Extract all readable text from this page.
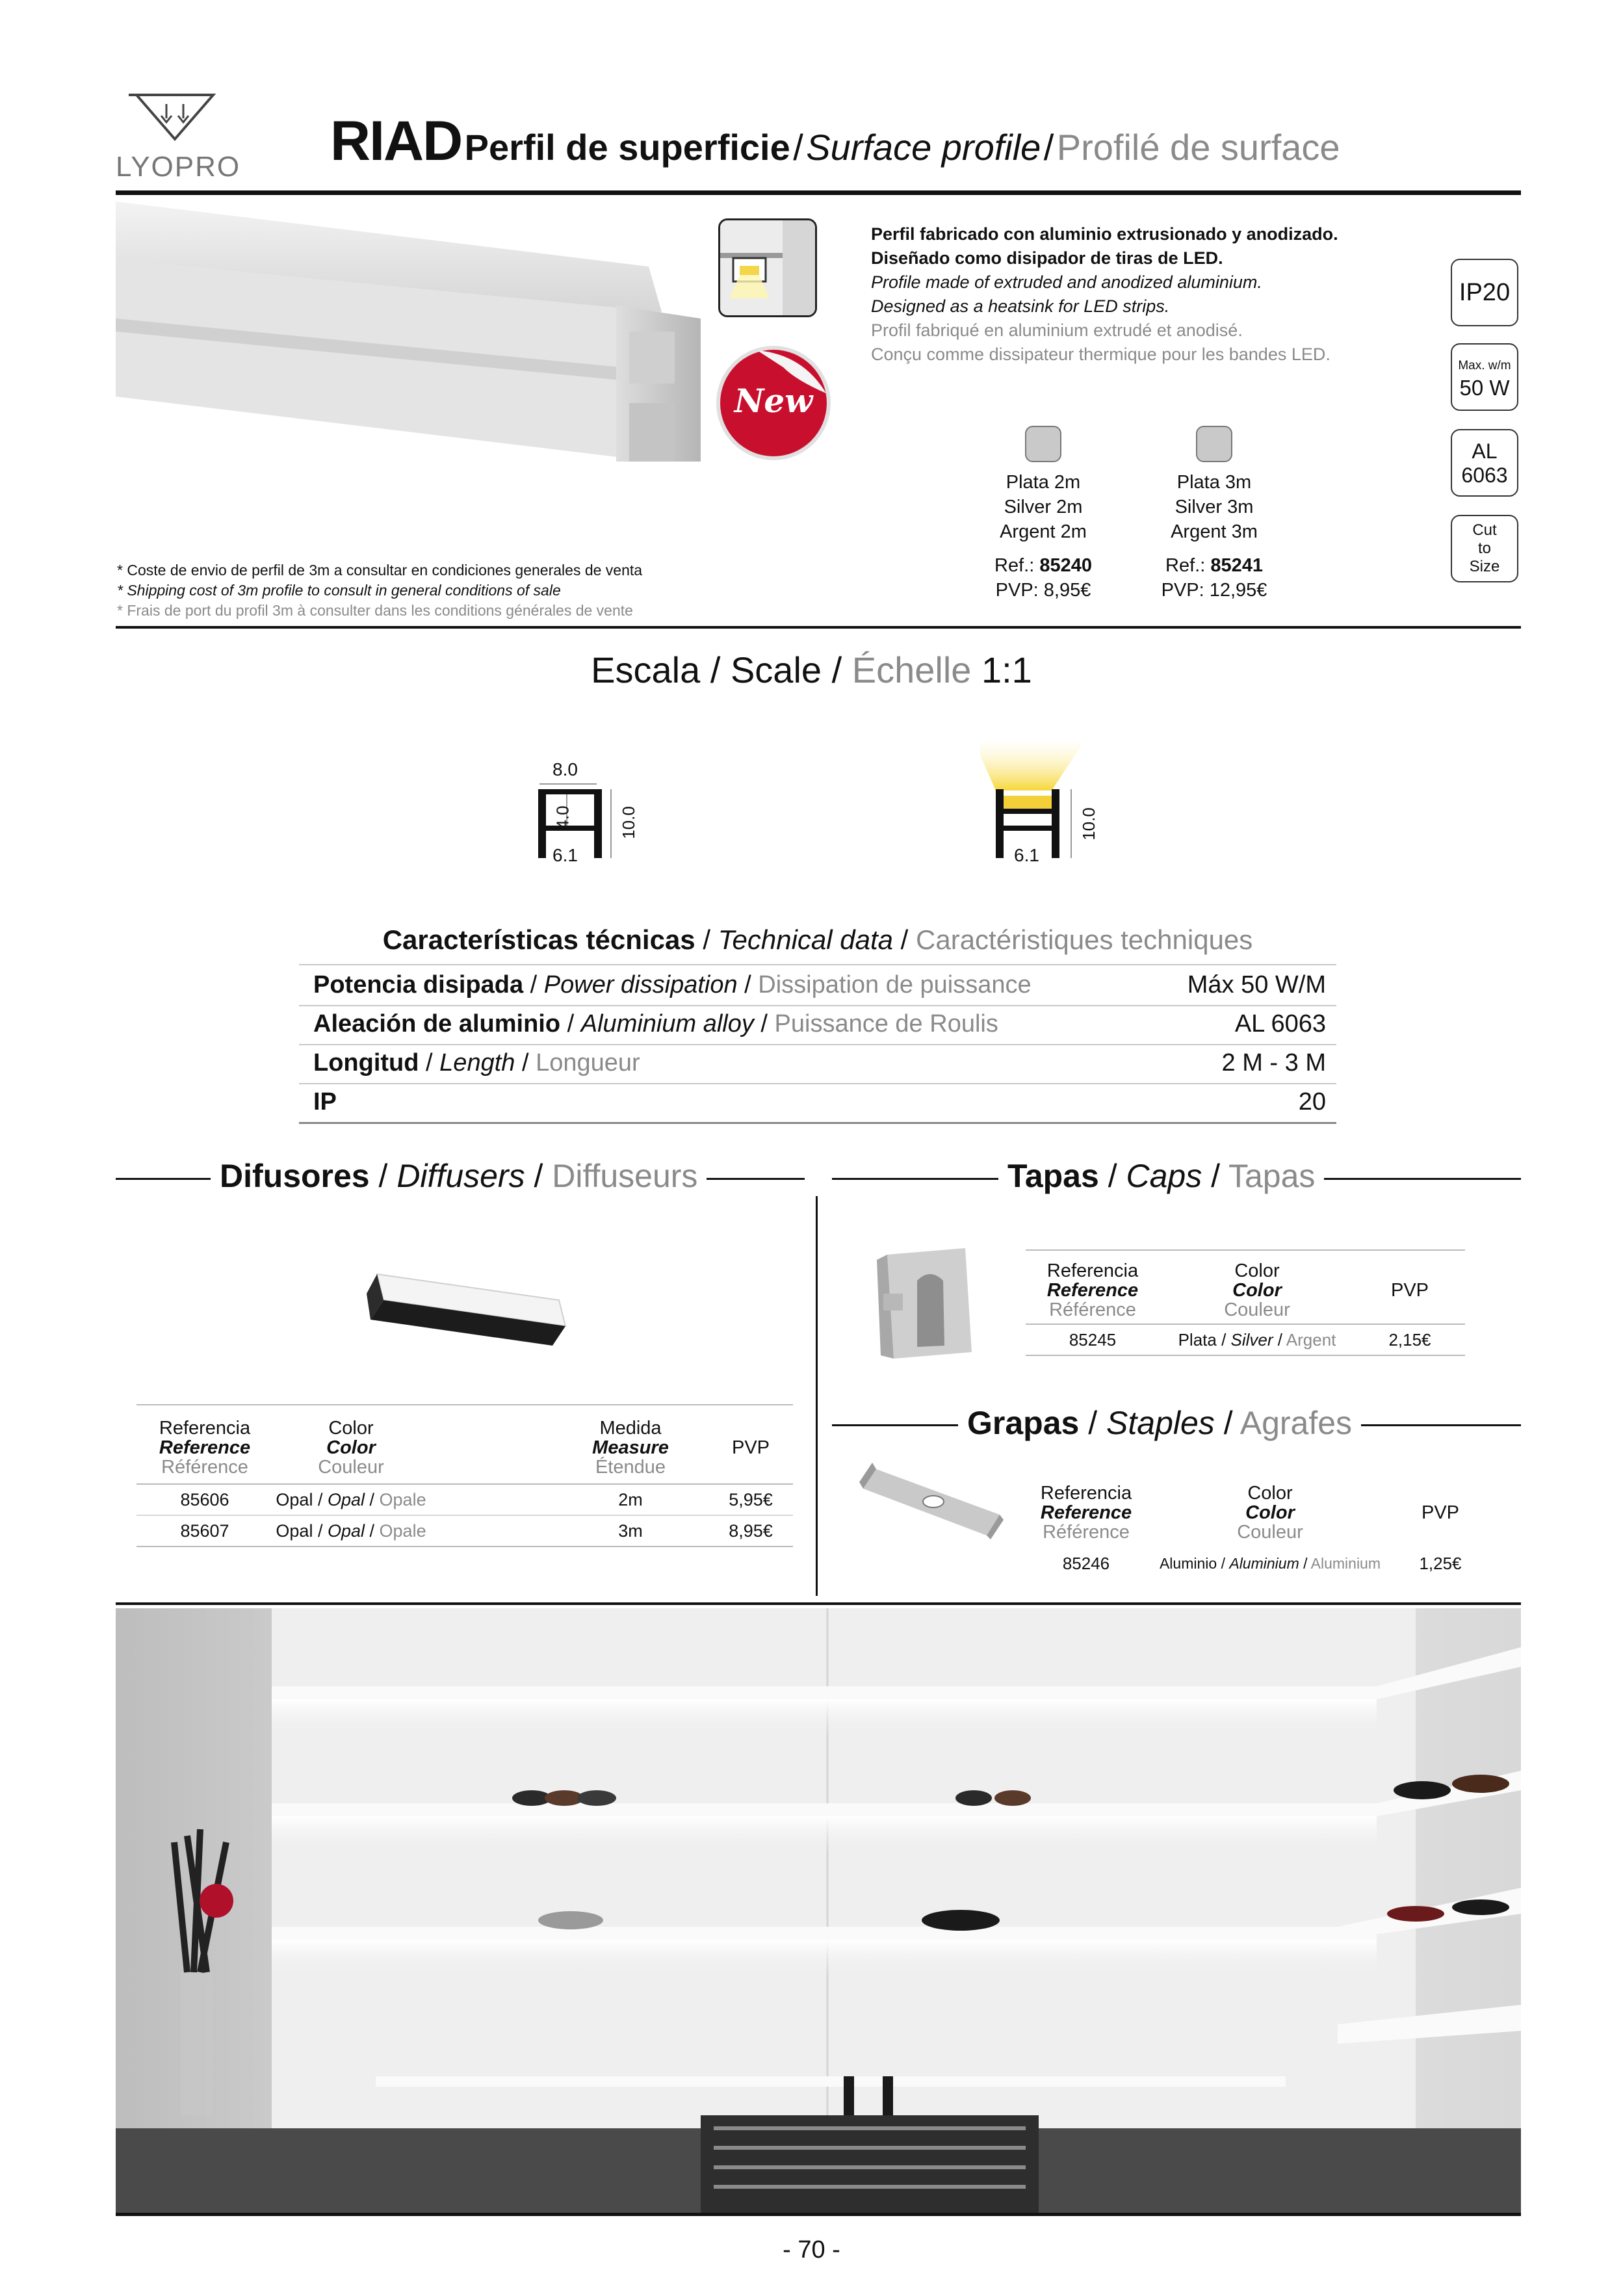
LYOPRO RIAD Perfil de superficie / Surface profile / Profilé de surface
New
Perfil fabricado con aluminio extrusionado y anodizado.
Diseñado como disipador de tiras de LED.
Profile made of extruded and anodized aluminium.
Designed as a heatsink for LED strips.
Profil fabriqué en aluminium extrudé et anodisé.
Conçu comme dissipateur thermique pour les bandes LED.
IP20
Max. w/m
50 W
AL
6063
Cut
to
Size
Plata 2m
Silver 2m
Argent 2m
Ref.: 85240
PVP: 8,95€
Plata 3m
Silver 3m
Argent 3m
Ref.: 85241
PVP: 12,95€
* Coste de envio de perfil de 3m a consultar en condiciones generales de venta
* Shipping cost of 3m profile to consult in general conditions of sale
* Frais de port du profil 3m à consulter dans les conditions générales de vente
Escala / Scale / Échelle 1:1
8.0
4.0	10.0
6.1
10.0
6.1
Características técnicas / Technical data / Caractéristiques techniques
Potencia disipada / Power dissipation / Dissipation de puissance	Máx 50 W/M
Aleación de aluminio / Aluminium alloy / Puissance de Roulis	AL 6063
Longitud / Length / Longueur	2 M - 3 M
IP	20
Difusores / Diffusers / Diffuseurs
Referencia
Reference
Référence
Color
Color
Couleur
Medida
Measure
Étendue
PVP
85606	Opal / Opal / Opale	2m	5,95€
85607	Opal / Opal / Opale	3m	8,95€
Tapas / Caps / Tapas
Referencia
Reference
Référence
Color
Color
Couleur
PVP
85245	Plata / Silver / Argent	2,15€
Grapas / Staples / Agrafes
Referencia
Reference
Référence
Color
Color
Couleur
PVP
85246	Aluminio / Aluminium / Aluminium	1,25€
- 70 -
